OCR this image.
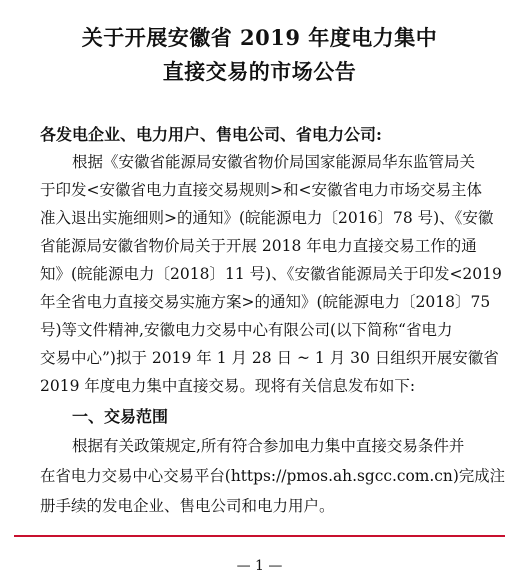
关于开展安徽省 2019 年度电力集中
直接交易的市场公告
各发电企业、电力用户、售电公司、省电力公司:
根据《安徽省能源局安徽省物价局国家能源局华东监管局关
于印发<安徽省电力直接交易规则>和<安徽省电力市场交易主体
准入退出实施细则>的通知》(皖能源电力〔2016〕78 号)、《安徽
省能源局安徽省物价局关于开展 2018 年电力直接交易工作的通
知》(皖能源电力〔2018〕11 号)、《安徽省能源局关于印发<2019
年全省电力直接交易实施方案>的通知》(皖能源电力〔2018〕75
号)等文件精神,安徽电力交易中心有限公司(以下简称“省电力
交易中心”)拟于 2019 年 1 月 28 日 ~ 1 月 30 日组织开展安徽省
2019 年度电力集中直接交易。现将有关信息发布如下:
一、交易范围
根据有关政策规定,所有符合参加电力集中直接交易条件并
在省电力交易中心交易平台(https://pmos.ah.sgcc.com.cn)完成注
册手续的发电企业、售电公司和电力用户。
— 1 —
